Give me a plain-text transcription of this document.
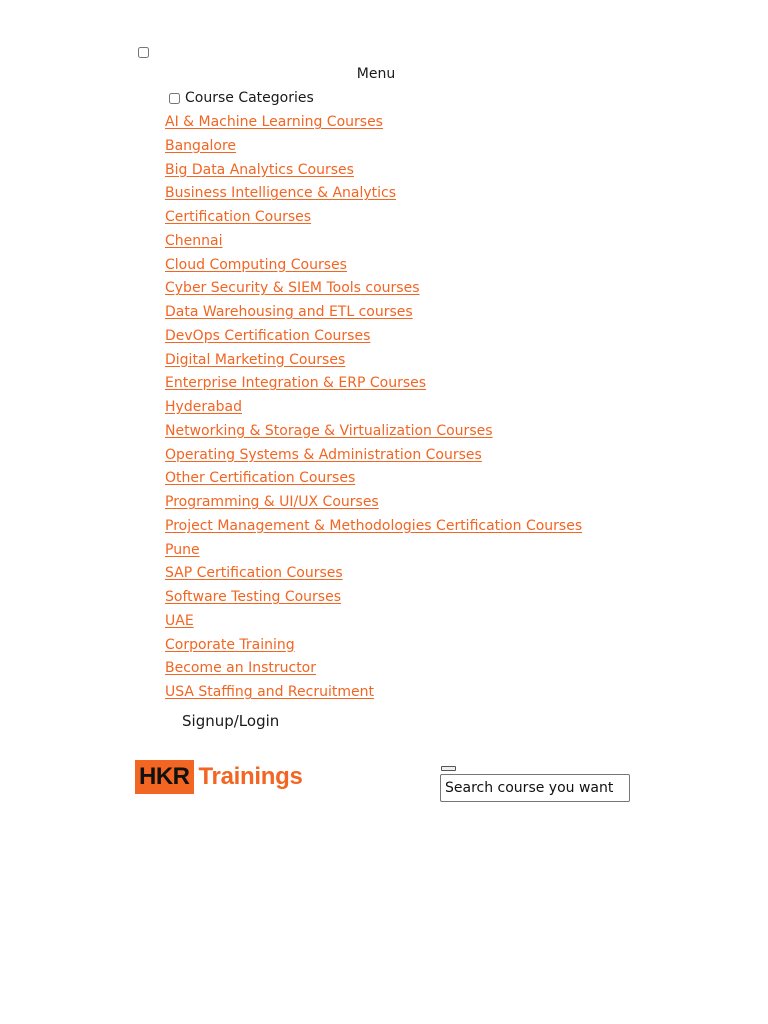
Menu
Course Categories
AI & Machine Learning Courses
Bangalore
Big Data Analytics Courses
Business Intelligence & Analytics
Certification Courses
Chennai
Cloud Computing Courses
Cyber Security & SIEM Tools courses
Data Warehousing and ETL courses
DevOps Certification Courses
Digital Marketing Courses
Enterprise Integration & ERP Courses
Hyderabad
Networking & Storage & Virtualization Courses
Operating Systems & Administration Courses
Other Certification Courses
Programming & UI/UX Courses
Project Management & Methodologies Certification Courses
Pune
SAP Certification Courses
Software Testing Courses
UAE
Corporate Training
Become an Instructor
USA Staffing and Recruitment
Signup/Login
HKR Trainings
Search course you want
